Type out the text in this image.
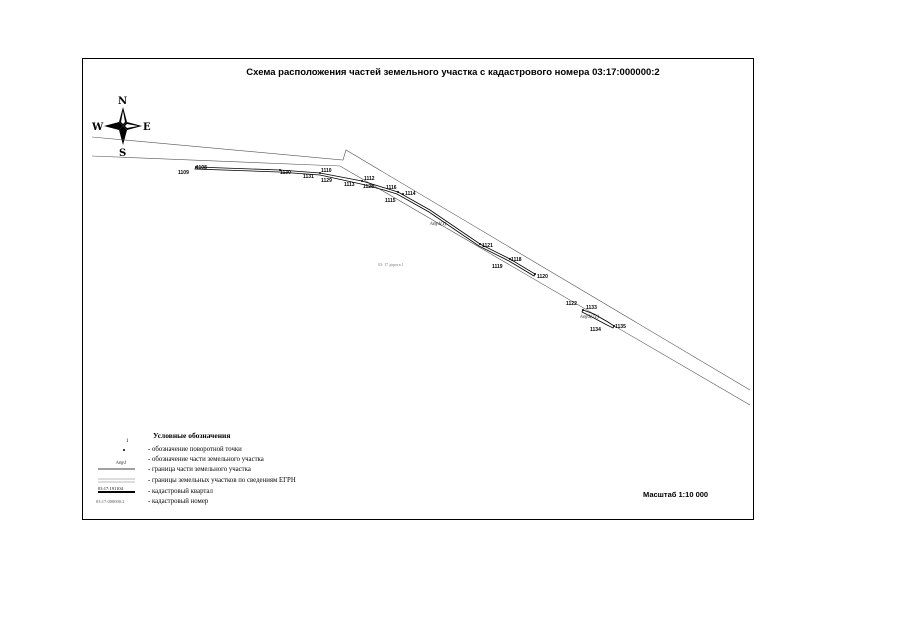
Схема расположения частей земельного участка с кадастрового номера 03:17:000000:2
N
S
W	E
1109
1108
1130
1131
1110
1129	1112
1113 1128 1116
1114
1115
1121
1118
1119
1120
1122
1133
1135
1134
/чзу1(1)
/чзу1(71)
03: 17 дорога 1
1
/чзу1
03:17:191104
03:17:000000:2
Условные обозначения
- обозначение поворотной точки
- обозначение части земельного участка
- граница части земельного участка
- границы земельных участков по сведениям ЕГРН
- кадастровый квартал
- кадастровый номер
Масштаб 1:10 000
